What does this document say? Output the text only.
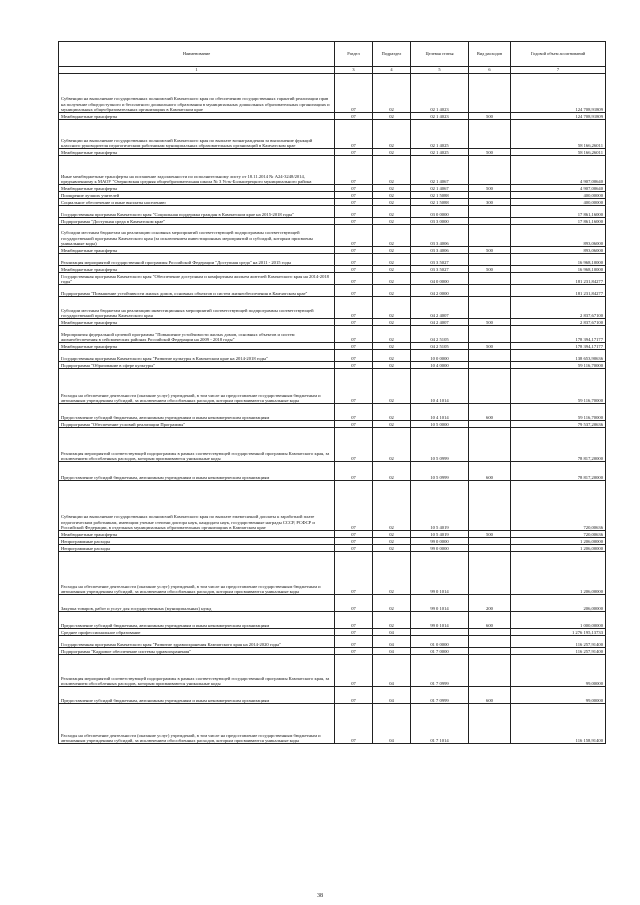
Наименование	Раздел	Подраздел	Целевая статья	Вид расходов	Годовой объем ассигнований
1	3	4	5	6	7
Субвенции на выполнение государственных полномочий Камчатского края по обеспечению государственных гарантий реализации прав на получение общедоступного и бесплатного дошкольного образования в муниципальных дошкольных образовательных организациях и муниципальных общеобразовательных организациях в Камчатском крае	07	02	02 1 4023		124 708,91809
Межбюджетные трансферты	07	02	02 1 4023	500	124 708,91809
Субвенции на выполнение государственных полномочий Камчатского края по выплате вознаграждения за выполнение функций классного руководителя педагогическим работникам муниципальных образовательных организаций в Камчатском крае	07	02	02 1 4025		58 166,26011
Межбюджетные трансферты	07	02	02 1 4025	500	58 166,26011
Иные межбюджетные трансферты на погашение задолженности по исполнительному листу от 18.11.2014 № А24-3248/2014, предъявленному к МАОУ "Озерновская средняя общеобразовательная школа № 3 Усть-Большерецкого муниципального района	07	02	02 1 4067		4 907,00640
Межбюджетные трансферты	07	02	02 1 4067	500	4 907,00640
Поощрение лучших учителей	07	02	02 1 5088		400,00000
Социальное обеспечение и иные выплаты населению	07	02	02 1 5088	300	400,00000
Государственная программа Камчатского края "Социальная поддержка граждан в Камчатском крае на 2015-2018 годы"	07	02	03 0 0000		17 861,16000
Подпрограмма "Доступная среда в Камчатском крае"	07	02	03 3 0000		17 861,16000
Субсидии местным бюджетам на реализацию основных мероприятий соответствующей подпрограммы соответствующей государственной программы Камчатского края (за исключением инвестиционных мероприятий и субсидий, которым присвоены уникальные коды)	07	02	03 3 4006		893,06000
Межбюджетные трансферты	07	02	03 3 4006	500	893,06000
Реализация мероприятий государственной программы Российской Федерации "Доступная среда" на 2011 - 2015 годы	07	02	03 3 5027		16 968,10000
Межбюджетные трансферты	07	02	03 3 5027	500	16 968,10000
Государственная программа Камчатского края "Обеспечение доступным и комфортным жильем жителей Камчатского края на 2014-2018 годы"	07	02	04 0 0000		181 231,84277
Подпрограмма "Повышение устойчивости жилых домов, основных объектов и систем жизнеобеспечения в Камчатском крае"	07	02	04 2 0000		181 231,84277
Субсидии местным бюджетам на реализацию инвестиционных мероприятий соответствующей подпрограммы соответствующей государственной программы Камчатского края	07	02	04 2 4007		2 837,67100
Межбюджетные трансферты	07	02	04 2 4007	500	2 837,67100
Мероприятия федеральной целевой программы "Повышение устойчивости жилых домов, основных объектов и систем жизнеобеспечения в сейсмических районах Российской Федерации на 2009 - 2018 годы"	07	02	04 2 5105		178 394,17177
Межбюджетные трансферты	07	02	04 2 5105	500	178 394,17177
Государственная программа Камчатского края "Развитие культуры в Камчатском крае на 2014-2018 годы"	07	02	10 0 0000		138 653,90636
Подпрограмма "Образование в сфере культуры"	07	02	10 4 0000		59 116,70000
Расходы на обеспечение деятельности (оказание услуг) учреждений, в том числе на предоставление государственным бюджетным и автономным учреждениям субсидий, за исключением обособленных расходов, которым присваиваются уникальные коды	07	02	10 4 1014		59 116,70000
Предоставление субсидий бюджетным, автономным учреждениям и иным некоммерческим организациям	07	02	10 4 1014	600	59 116,70000
Подпрограмма "Обеспечение условий реализации Программы"	07	02	10 5 0000		79 537,20636
Реализация мероприятий соответствующей подпрограммы в рамках соответствующей государственной программы Камчатского края, за исключением обособленных расходов, которым присваиваются уникальные коды	07	02	10 5 0999		78 817,20000
Предоставление субсидий бюджетным, автономным учреждениям и иным некоммерческим организациям	07	02	10 5 0999	600	78 817,20000
Субвенции на выполнение государственных полномочий Камчатского края по выплате ежемесячной доплаты к заработной плате педагогическим работникам, имеющим ученые степени доктора наук, кандидата наук, государственные награды СССР, РСФСР и Российской Федерации, в отдельных муниципальных образовательных организациях в Камчатском крае	07	02	10 5 4019		720,00636
Межбюджетные трансферты	07	02	10 5 4019	500	720,00636
Непрограммные расходы	07	02	99 0 0000		1 206,00000
Непрограммные расходы	07	02	99 0 0000		1 206,00000
Расходы на обеспечение деятельности (оказание услуг) учреждений, в том числе на предоставление государственным бюджетным и автономным учреждениям субсидий, за исключением обособленных расходов, которым присваиваются уникальные коды	07	02	99 0 1014		1 206,00000
Закупка товаров, работ и услуг для государственных (муниципальных) нужд	07	02	99 0 1014	200	206,00000
Предоставление субсидий бюджетным, автономным учреждениям и иным некоммерческим организациям	07	02	99 0 1014	600	1 000,00000
Среднее профессиональное образование	07	04			1 276 195,13733
Государственная программа Камчатского края "Развитие здравоохранения Камчатского края на 2014-2020 годы"	07	04	01 0 0000		116 257,91400
Подпрограмма "Кадровое обеспечение системы здравоохранения"	07	04	01 7 0000		116 257,91400
Реализация мероприятий соответствующей подпрограммы в рамках соответствующей государственной программы Камчатского края, за исключением обособленных расходов, которым присваиваются уникальные коды	07	04	01 7 0999		99,00000
Предоставление субсидий бюджетным, автономным учреждениям и иным некоммерческим организациям	07	04	01 7 0999	600	99,00000
Расходы на обеспечение деятельности (оказание услуг) учреждений, в том числе на предоставление государственным бюджетным и автономным учреждениям субсидий, за исключением обособленных расходов, которым присваиваются уникальные коды	07	04	01 7 1014		116 158,91400
38
